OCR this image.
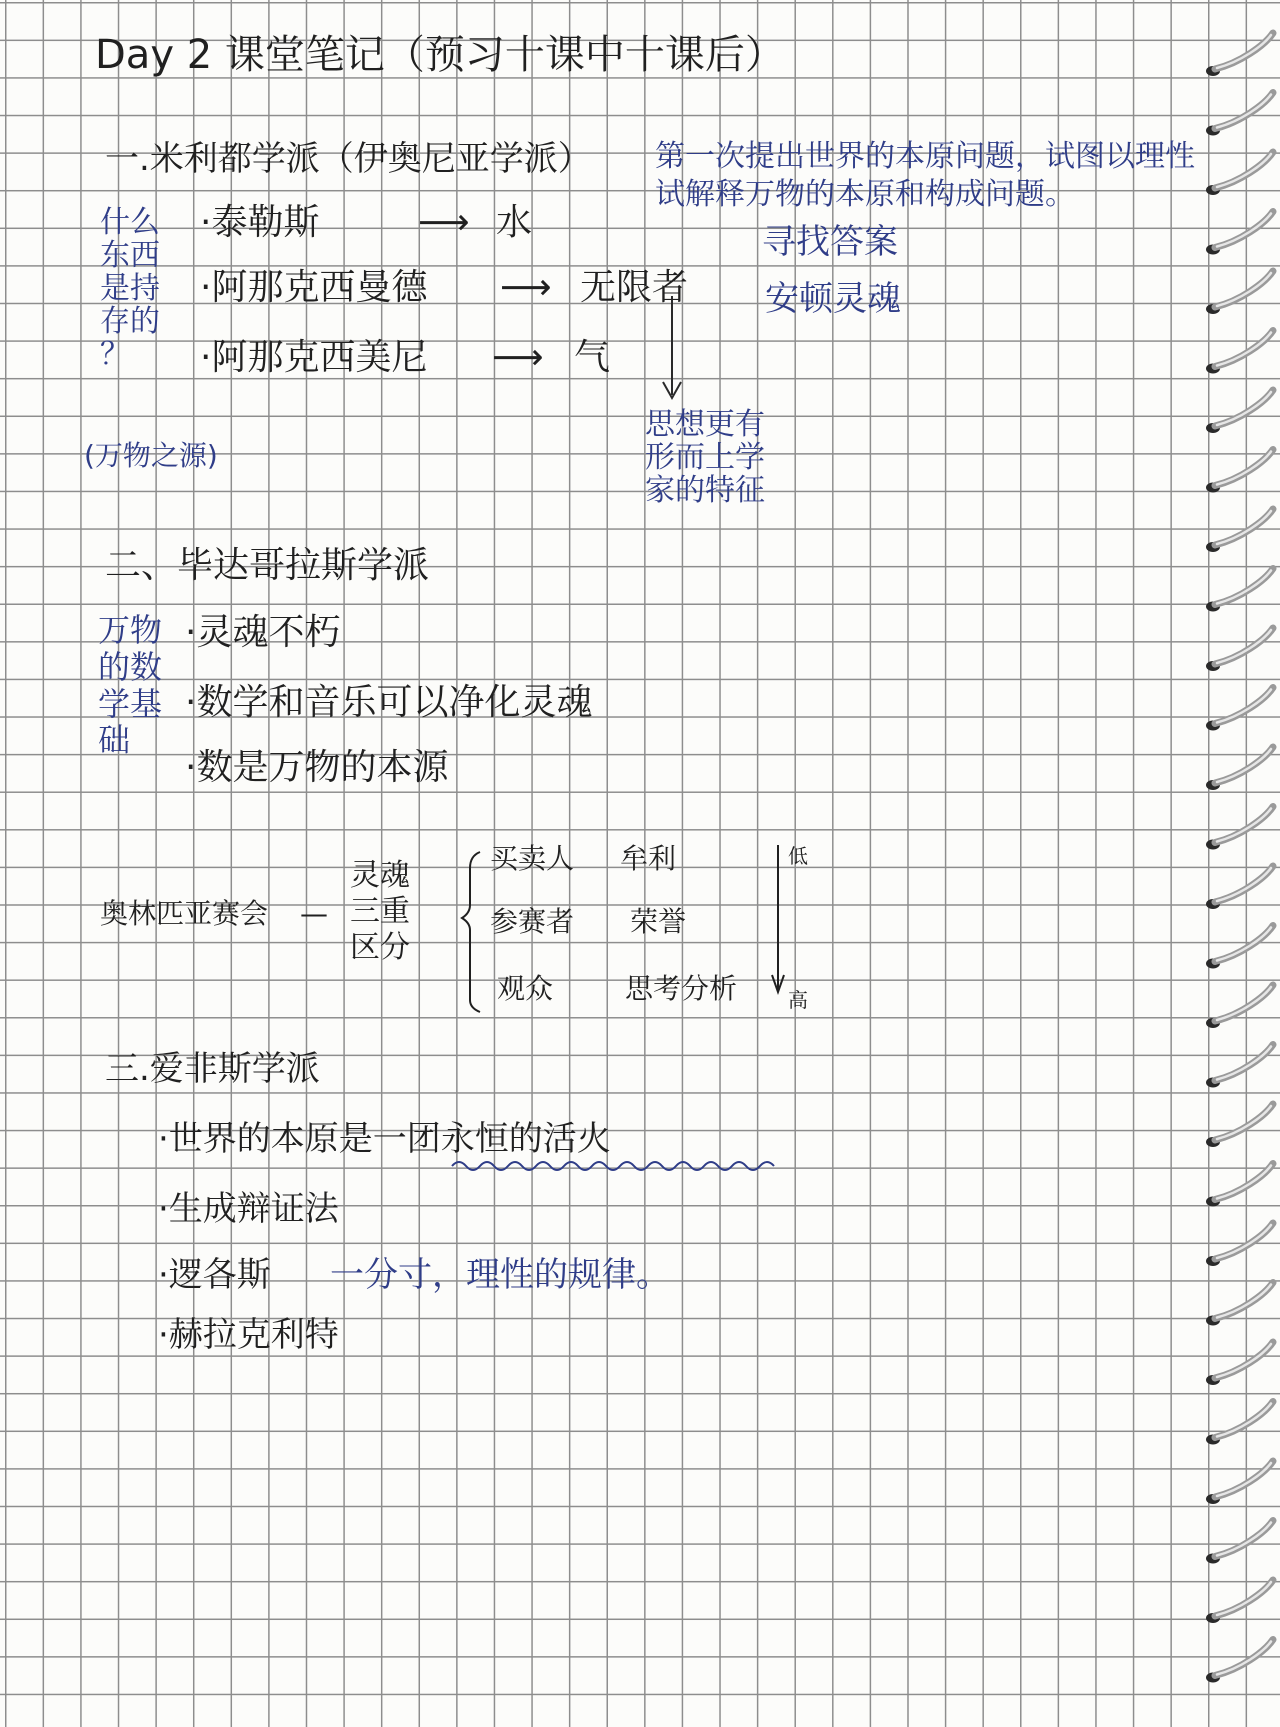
Day 2 课堂笔记（预习十课中十课后）
一.米利都学派（伊奥尼亚学派） 第一次提出世界的本原问题，试图以理性
试解释万物的本原和构成问题。
寻找答案
安顿灵魂
什么
东西
是持
存的
？
(万物之源)
·泰勒斯	⟶ 水
·阿那克西曼德 ⟶ 无限者
·阿那克西美尼 ⟶ 气
思想更有
形而上学
家的特征
二、毕达哥拉斯学派
万物
的数
学基
础
·灵魂不朽
·数学和音乐可以净化灵魂
·数是万物的本源
奥林匹亚赛会 —
灵魂
三重
区分
买卖人 牟利
参赛者 荣誉
观众	思考分析
低
高
三.爱非斯学派
·世界的本原是一团永恒的活火
·生成辩证法
·逻各斯 一分寸，理性的规律。
·赫拉克利特
